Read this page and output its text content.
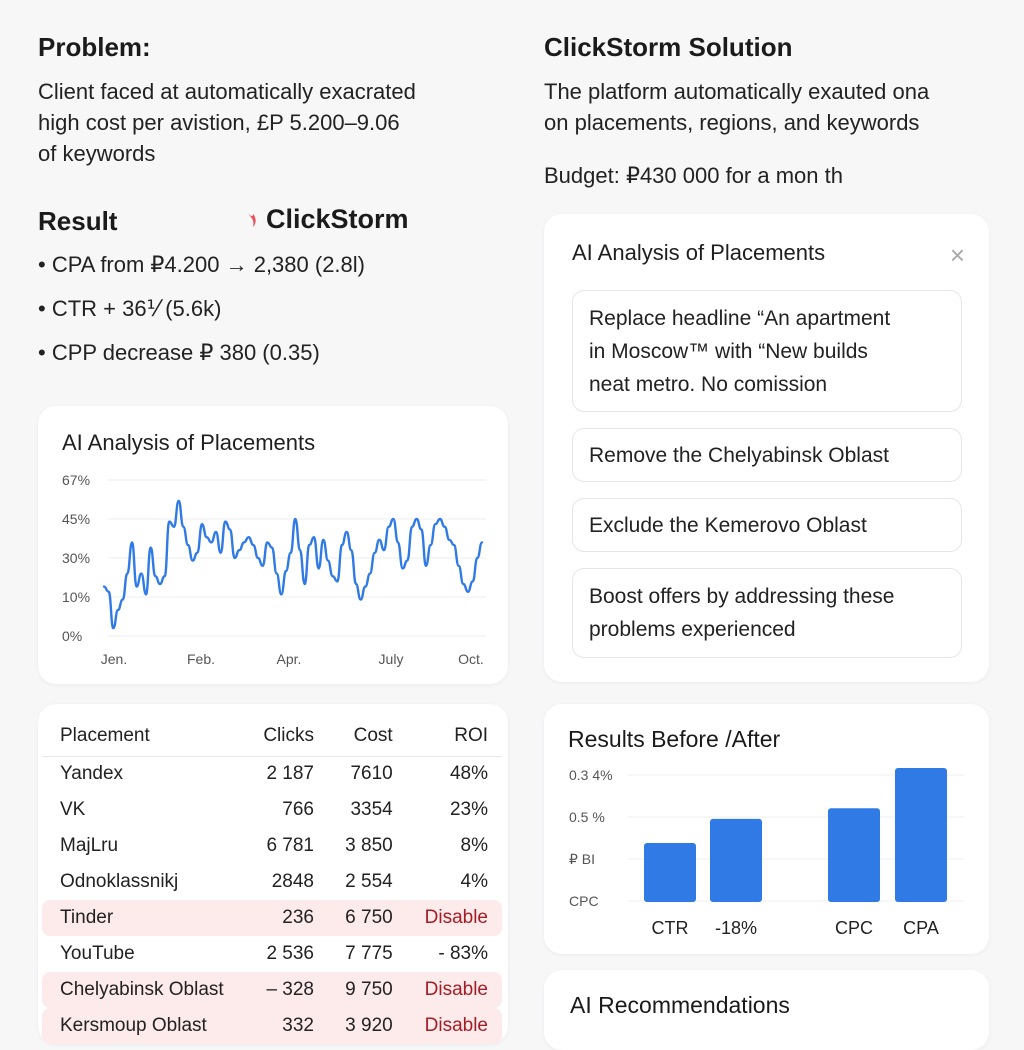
Problem:
Client faced at automatically exacrated
high cost per avistion, £P 5.200–9.06
of keywords
Result	ClickStorm
• CPA from ₽4.200 → 2,380 (2.8l)
• CTR + 36⅟ (5.6k)
• CPP decrease ₽ 380 (0.35)
AI Analysis of Placements
67%
45%
30%
10%
0%
Jen.	Feb.	Apr.	July	Oct.
Placement	Clicks	Cost	ROI
Yandex	2 187	7610	48%
VK	766	3354	23%
MajLru	6 781	3 850	8%
Odnoklassnikj	2848	2 554	4%
Tinder	236	6 750	Disable
YouTube	2 536	7 775	- 83%
Chelyabinsk Oblast	– 328	9 750	Disable
Kersmoup Oblast	332	3 920	Disable
ClickStorm Solution
The platform automatically exauted ona
on placements, regions, and keywords
Budget: ₽430 000 for a mon th
AI Analysis of Placements	×
Replace headline “An apartment
in Moscow™ with “New builds
neat metro. No comission
Remove the Chelyabinsk Oblast
Exclude the Kemerovo Oblast
Boost offers by addressing these
problems experienced
Results Before /After
0.3 4%
0.5 %
₽ BI
CPC
CTR -18%	CPC CPA
AI Recommendations
